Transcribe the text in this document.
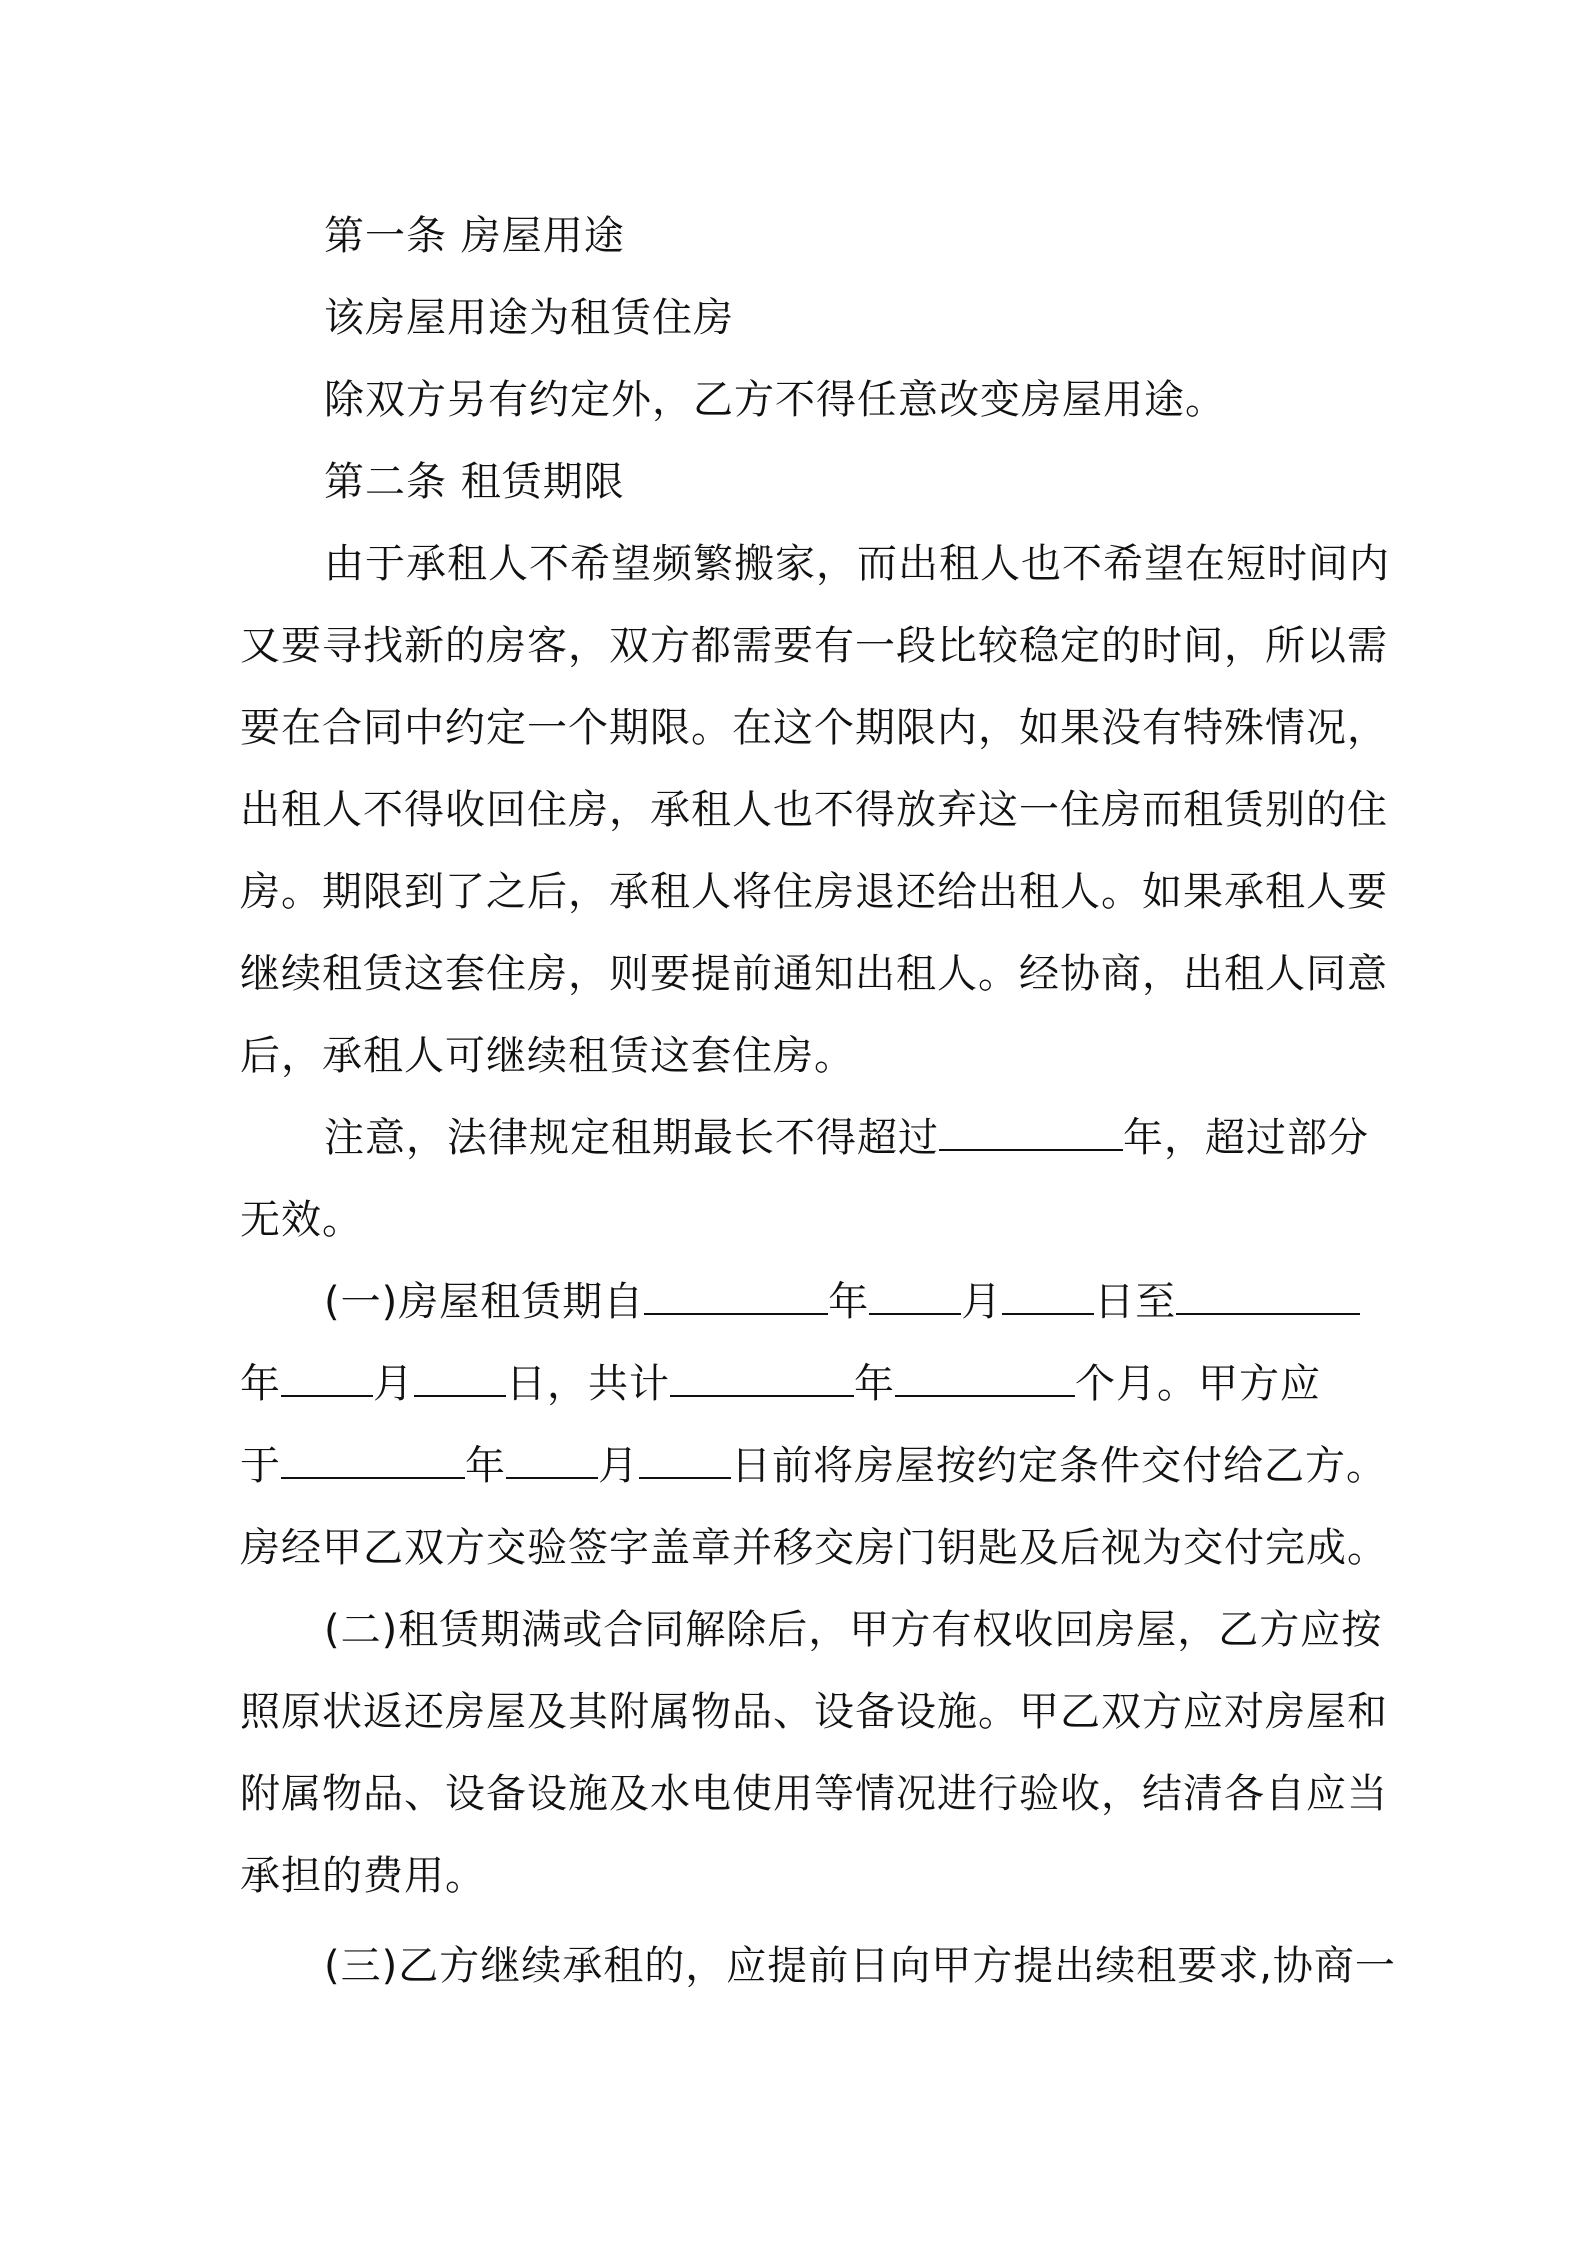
第一条 房屋用途
该房屋用途为租赁住房
除双方另有约定外，乙方不得任意改变房屋用途。
第二条 租赁期限
由于承租人不希望频繁搬家，而出租人也不希望在短时间内
又要寻找新的房客，双方都需要有一段比较稳定的时间，所以需
要在合同中约定一个期限。在这个期限内，如果没有特殊情况，
出租人不得收回住房，承租人也不得放弃这一住房而租赁别的住
房。期限到了之后，承租人将住房退还给出租人。如果承租人要
继续租赁这套住房，则要提前通知出租人。经协商，出租人同意
后，承租人可继续租赁这套住房。
注意，法律规定租期最长不得超过	年，超过部分
无效。
(一)房屋租赁期自	年 月 日至
年 月 日，共计	年	个月。甲方应
于	年 月 日前将房屋按约定条件交付给乙方。
房经甲乙双方交验签字盖章并移交房门钥匙及后视为交付完成。
(二)租赁期满或合同解除后，甲方有权收回房屋，乙方应按
照原状返还房屋及其附属物品、设备设施。甲乙双方应对房屋和
附属物品、设备设施及水电使用等情况进行验收，结清各自应当
承担的费用。
(三)乙方继续承租的，应提前日向甲方提出续租要求,协商一
